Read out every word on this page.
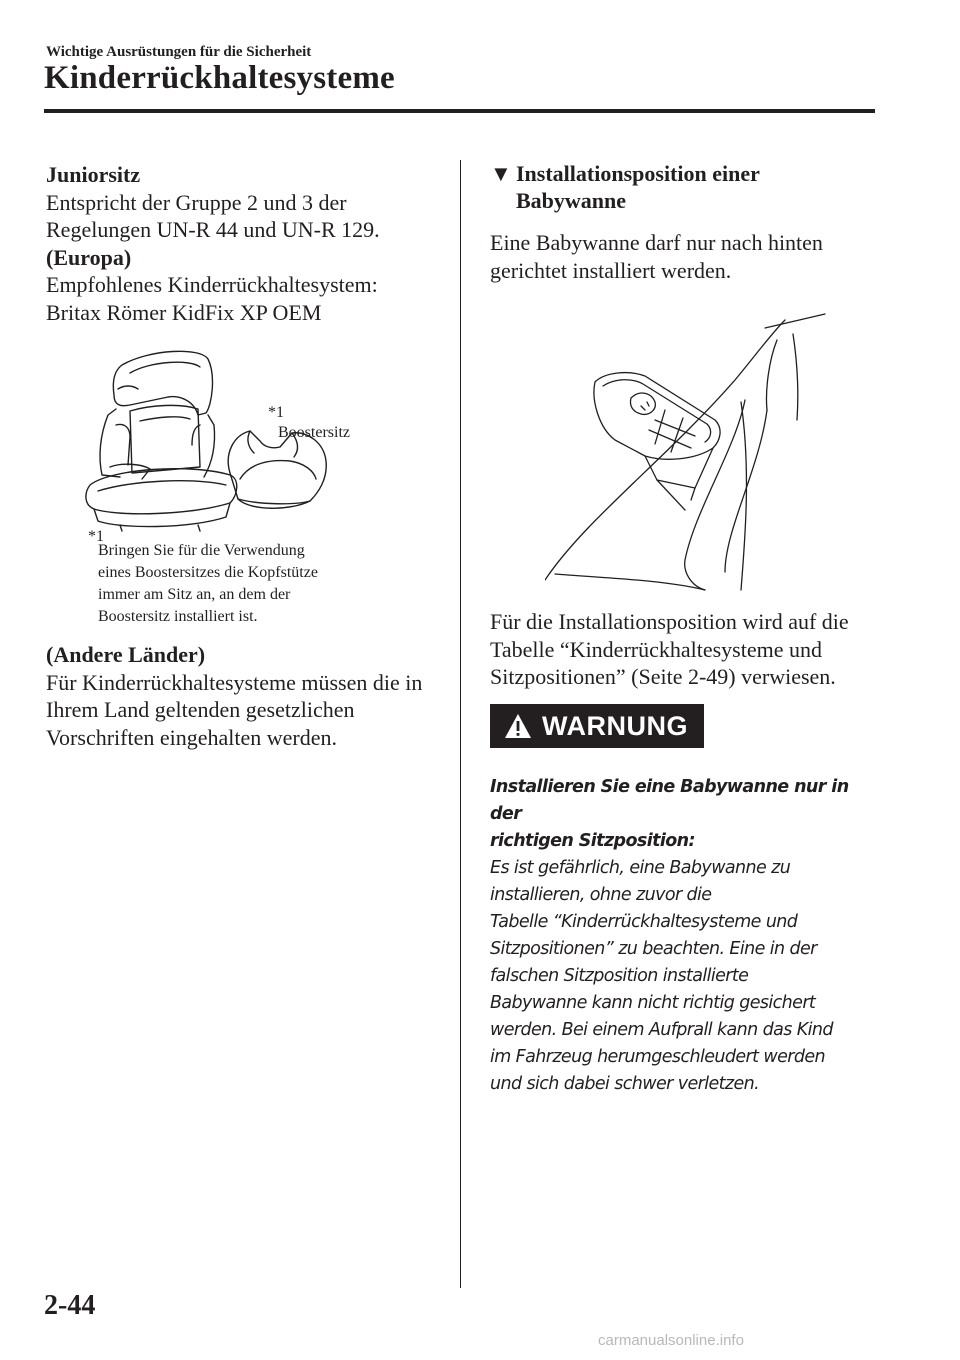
Wichtige Ausrüstungen für die Sicherheit
Kinderrückhaltesysteme

Juniorsitz

Entspricht der Gruppe 2 und 3 der

Regelungen UN-R 44 und UN-R 129.

(Europa)

Empfohlenes Kinderrückhaltesystem:

Britax Römer KidFix XP OEM

*1
Boostersitz
*1

Bringen Sie für die Verwendung

eines Boostersitzes die Kopfstütze

immer am Sitz an, an dem der

Boostersitz installiert ist.

(Andere Länder)

Für Kinderrückhaltesysteme müssen die in

Ihrem Land geltenden gesetzlichen

Vorschriften eingehalten werden.

▼ Installationsposition einer
Babywanne

Eine Babywanne darf nur nach hinten

gerichtet installiert werden.

Für die Installationsposition wird auf die

Tabelle “Kinderrückhaltesysteme und

Sitzpositionen” (Seite 2-49) verwiesen.

WARNUNG

Installieren Sie eine Babywanne nur in der

richtigen Sitzposition:

Es ist gefährlich, eine Babywanne zu

installieren, ohne zuvor die

Tabelle “Kinderrückhaltesysteme und

Sitzpositionen” zu beachten. Eine in der

falschen Sitzposition installierte

Babywanne kann nicht richtig gesichert

werden. Bei einem Aufprall kann das Kind

im Fahrzeug herumgeschleudert werden

und sich dabei schwer verletzen.

2-44
carmanualsonline.info
